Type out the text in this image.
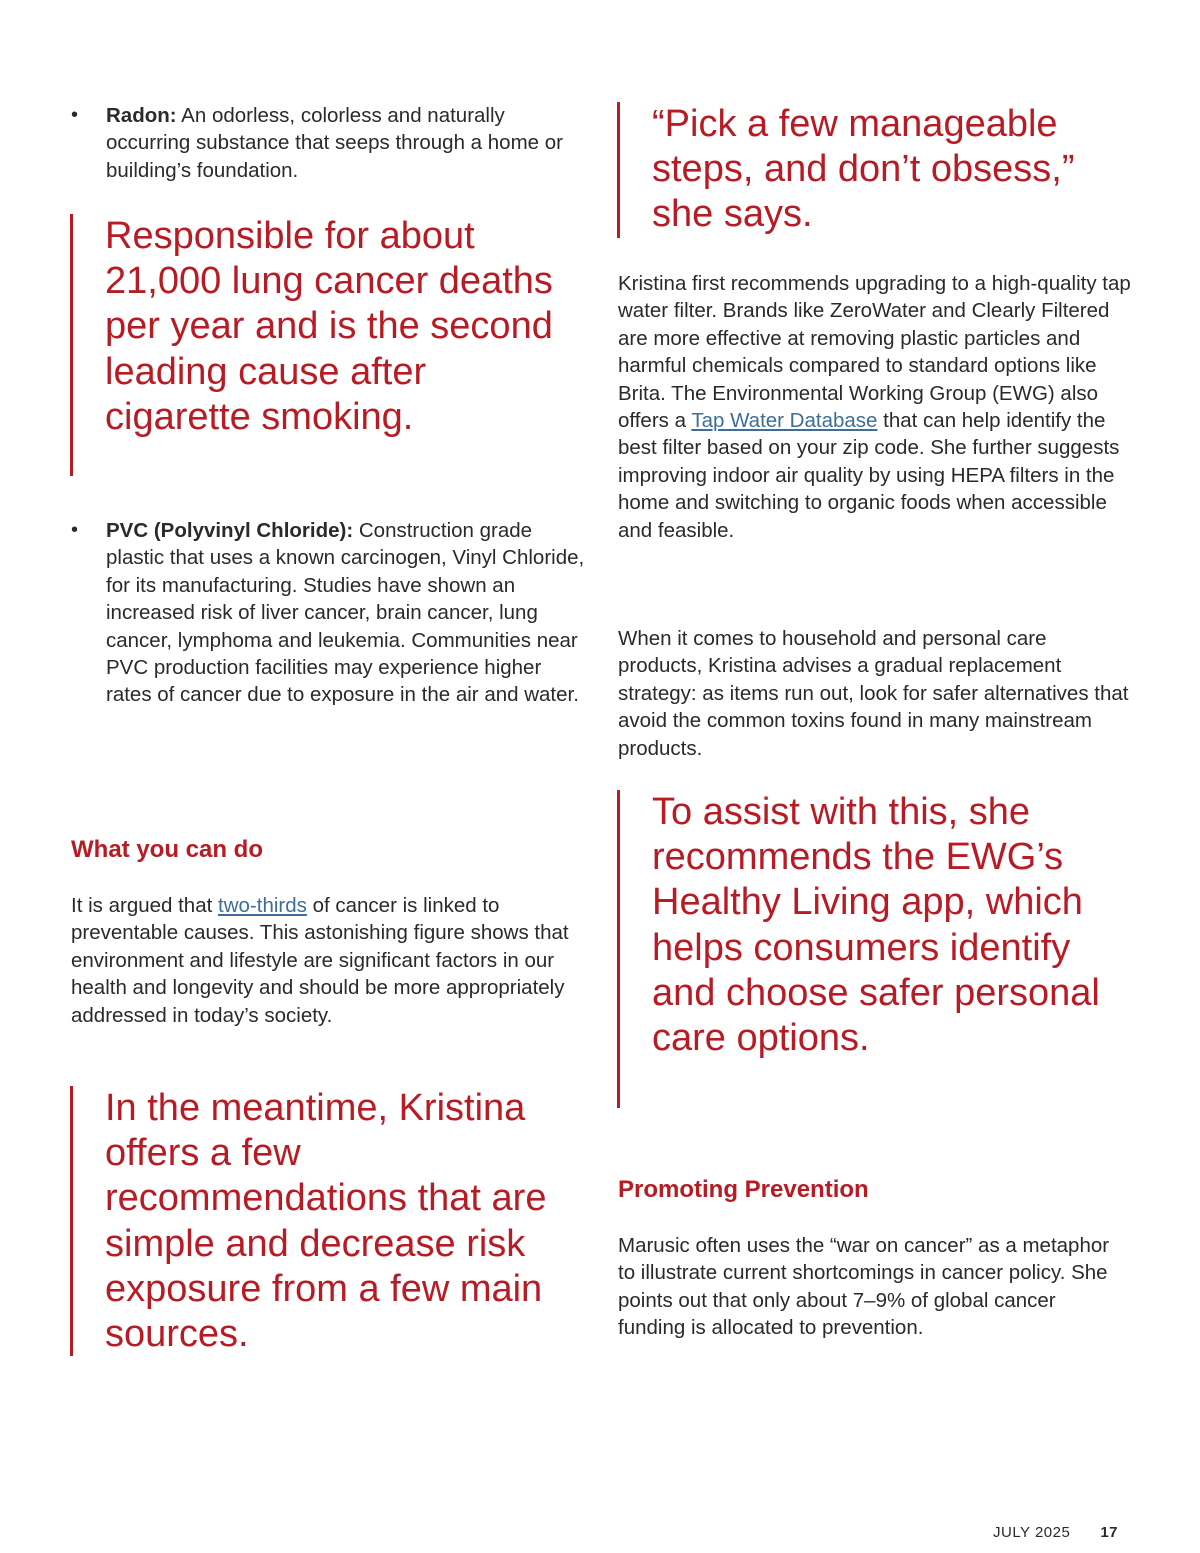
•	Radon: An odorless, colorless and naturally occurring substance that seeps through a home or building’s foundation.

Responsible for about 21,000 lung cancer deaths per year and is the second leading cause after cigarette smoking.

•	PVC (Polyvinyl Chloride): Construction grade plastic that uses a known carcinogen, Vinyl Chloride, for its manufacturing. Studies have shown an increased risk of liver cancer, brain cancer, lung cancer, lymphoma and leukemia. Communities near PVC production facilities may experience higher rates of cancer due to exposure in the air and water.
What you can do

It is argued that two-thirds of cancer is linked to preventable causes. This astonishing figure shows that environment and lifestyle are significant factors in our health and longevity and should be more appropriately addressed in today’s society.

In the meantime, Kristina offers a few recommendations that are simple and decrease risk exposure from a few main sources.

“Pick a few manageable steps, and don’t obsess,” she says.

Kristina first recommends upgrading to a high-quality tap water filter. Brands like ZeroWater and Clearly Filtered are more effective at removing plastic particles and harmful chemicals compared to standard options like Brita. The Environmental Working Group (EWG) also offers a Tap Water Database that can help identify the best filter based on your zip code. She further suggests improving indoor air quality by using HEPA filters in the home and switching to organic foods when accessible and feasible.

When it comes to household and personal care products, Kristina advises a gradual replacement strategy: as items run out, look for safer alternatives that avoid the common toxins found in many mainstream products.

To assist with this, she recommends the EWG’s Healthy Living app, which helps consumers identify and choose safer personal care options.

Promoting Prevention

Marusic often uses the “war on cancer” as a metaphor to illustrate current shortcomings in cancer policy. She points out that only about 7–9% of global cancer funding is allocated to prevention.

JULY 2025 17
